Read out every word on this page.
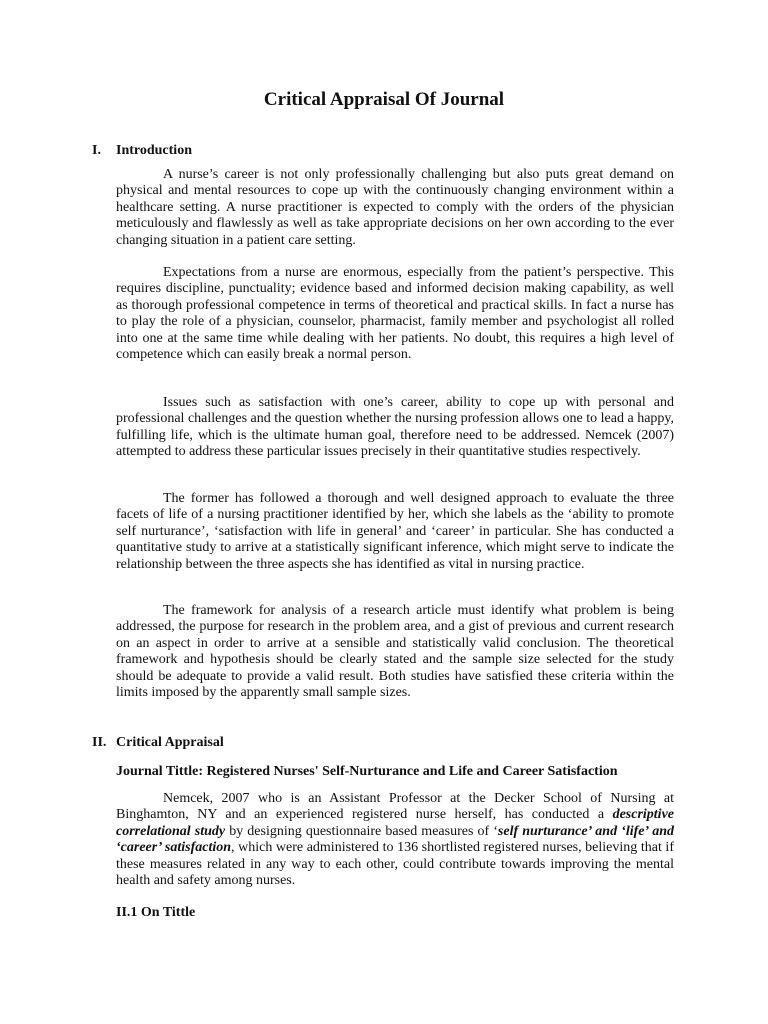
Critical Appraisal Of Journal
I. Introduction

A nurse’s career is not only professionally challenging but also puts great demand on physical and mental resources to cope up with the continuously changing environment within a healthcare setting. A nurse practitioner is expected to comply with the orders of the physician meticulously and flawlessly as well as take appropriate decisions on her own according to the ever changing situation in a patient care setting.

Expectations from a nurse are enormous, especially from the patient’s perspective. This requires discipline, punctuality; evidence based and informed decision making capability, as well as thorough professional competence in terms of theoretical and practical skills. In fact a nurse has to play the role of a physician, counselor, pharmacist, family member and psychologist all rolled into one at the same time while dealing with her patients. No doubt, this requires a high level of competence which can easily break a normal person.

Issues such as satisfaction with one’s career, ability to cope up with personal and professional challenges and the question whether the nursing profession allows one to lead a happy, fulfilling life, which is the ultimate human goal, therefore need to be addressed. Nemcek (2007) attempted to address these particular issues precisely in their quantitative studies respectively.

The former has followed a thorough and well designed approach to evaluate the three facets of life of a nursing practitioner identified by her, which she labels as the ‘ability to promote self nurturance’, ‘satisfaction with life in general’ and ‘career’ in particular. She has conducted a quantitative study to arrive at a statistically significant inference, which might serve to indicate the relationship between the three aspects she has identified as vital in nursing practice.

The framework for analysis of a research article must identify what problem is being addressed, the purpose for research in the problem area, and a gist of previous and current research on an aspect in order to arrive at a sensible and statistically valid conclusion. The theoretical framework and hypothesis should be clearly stated and the sample size selected for the study should be adequate to provide a valid result. Both studies have satisfied these criteria within the limits imposed by the apparently small sample sizes.

II. Critical Appraisal
Journal Tittle: Registered Nurses' Self-Nurturance and Life and Career Satisfaction

Nemcek, 2007 who is an Assistant Professor at the Decker School of Nursing at Binghamton, NY and an experienced registered nurse herself, has conducted a descriptive correlational study by designing questionnaire based measures of ‘self nurturance’ and ‘life’ and ‘career’ satisfaction, which were administered to 136 shortlisted registered nurses, believing that if these measures related in any way to each other, could contribute towards improving the mental health and safety among nurses.

II.1 On Tittle
